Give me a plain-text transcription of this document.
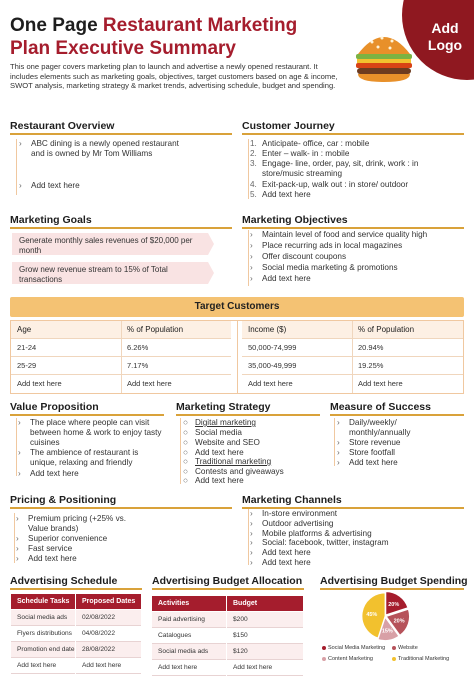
One Page Restaurant Marketing
Plan Executive Summary
Add
Logo
This one pager covers marketing plan to launch and advertise a newly opened restaurant. It includes elements such as marketing goals, objectives, target customers based on age & income, SWOT analysis, marketing strategy & market trends, advertising schedule, budget and spending.
Restaurant Overview
› ABC dining is a newly opened restaurant and is owned by Mr Tom Williams
› Add text here
Customer Journey
1. Anticipate- office, car : mobile
2. Enter – walk- in : mobile
3. Engage- line, order, pay, sit, drink, work : in store/music streaming
4. Exit-pack-up, walk out : in store/ outdoor
5. Add text here
Marketing Goals
Generate monthly sales revenues of $20,000 per month
Grow new revenue stream to 15% of Total transactions
Marketing Objectives
› Maintain level of food and service quality high
› Place recurring ads in local magazines
› Offer discount coupons
› Social media marketing & promotions
› Add text here
Target Customers
Age	% of Population	Income ($)	% of Population
21-24	6.26%	50,000-74,999	20.94%
25-29	7.17%	35,000-49,999	19.25%
Add text here	Add text here	Add text here	Add text here
Value Proposition
› The place where people can visit between home & work to enjoy tasty cuisines
› The ambience of restaurant is unique, relaxing and friendly
› Add text here
Marketing Strategy
○ Digital marketing
○ Social media
○ Website and SEO
○ Add text here
○ Traditional marketing
○ Contests and giveaways
○ Add text here
Measure of Success
› Daily/weekly/ monthly/annually
› Store revenue
› Store footfall
› Add text here
Pricing & Positioning
› Premium pricing (+25% vs. Value brands)
› Superior convenience
› Fast service
› Add text here
Marketing Channels
› In-store environment
› Outdoor advertising
› Mobile platforms & advertising
› Social: facebook, twitter, instagram
› Add text here
› Add text here
Advertising Schedule
Schedule Tasks	Proposed Dates
Social media ads	02/08/2022
Flyers distributions	04/08/2022
Promotion end date	28/08/2022
Add text here	Add text here
Advertising Budget Allocation
Activities	Budget
Paid advertising	$200
Catalogues	$150
Social media ads	$120
Add text here	Add text here
Advertising Budget Spending
20%
20%
15%
45%
Social Media Marketing	Website
Content Marketing	Traditional Marketing
